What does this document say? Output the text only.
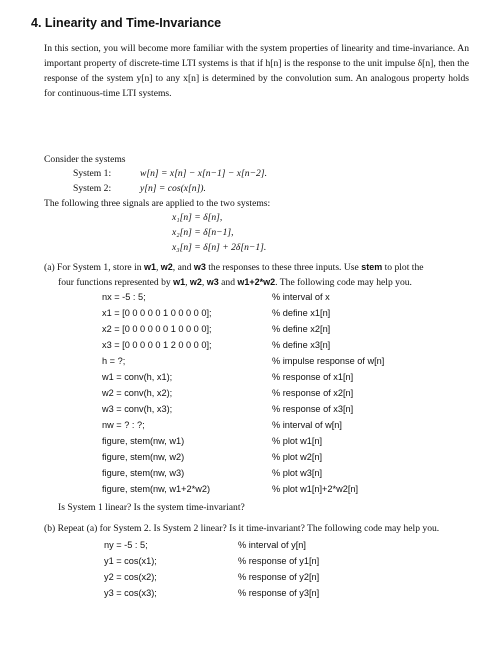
4. Linearity and Time-Invariance
In this section, you will become more familiar with the system properties of linearity and time-invariance. An important property of discrete-time LTI systems is that if h[n] is the response to the unit impulse δ[n], then the response of the system y[n] to any x[n] is determined by the convolution sum. An analogous property holds for continuous-time LTI systems.
Consider the systems
System 1:	w[n] = x[n] − x[n−1] − x[n−2].
System 2:	y[n] = cos(x[n]).
The following three signals are applied to the two systems:
x₁[n] = δ[n],
x₂[n] = δ[n−1],
x₃[n] = δ[n] + 2δ[n−1].
(a) For System 1, store in w1, w2, and w3 the responses to these three inputs. Use stem to plot the
four functions represented by w1, w2, w3 and w1+2*w2. The following code may help you.
nx = -5 : 5;	% interval of x
x1 = [0 0 0 0 0 1 0 0 0 0 0];	% define x1[n]
x2 = [0 0 0 0 0 0 1 0 0 0 0];	% define x2[n]
x3 = [0 0 0 0 0 1 2 0 0 0 0];	% define x3[n]
h = ?;	% impulse response of w[n]
w1 = conv(h, x1);	% response of x1[n]
w2 = conv(h, x2);	% response of x2[n]
w3 = conv(h, x3);	% response of x3[n]
nw = ? : ?;	% interval of w[n]
figure, stem(nw, w1)	% plot w1[n]
figure, stem(nw, w2)	% plot w2[n]
figure, stem(nw, w3)	% plot w3[n]
figure, stem(nw, w1+2*w2)	% plot w1[n]+2*w2[n]
Is System 1 linear? Is the system time-invariant?
(b) Repeat (a) for System 2. Is System 2 linear? Is it time-invariant? The following code may help you.
ny = -5 : 5;	% interval of y[n]
y1 = cos(x1);	% response of y1[n]
y2 = cos(x2);	% response of y2[n]
y3 = cos(x3);	% response of y3[n]
